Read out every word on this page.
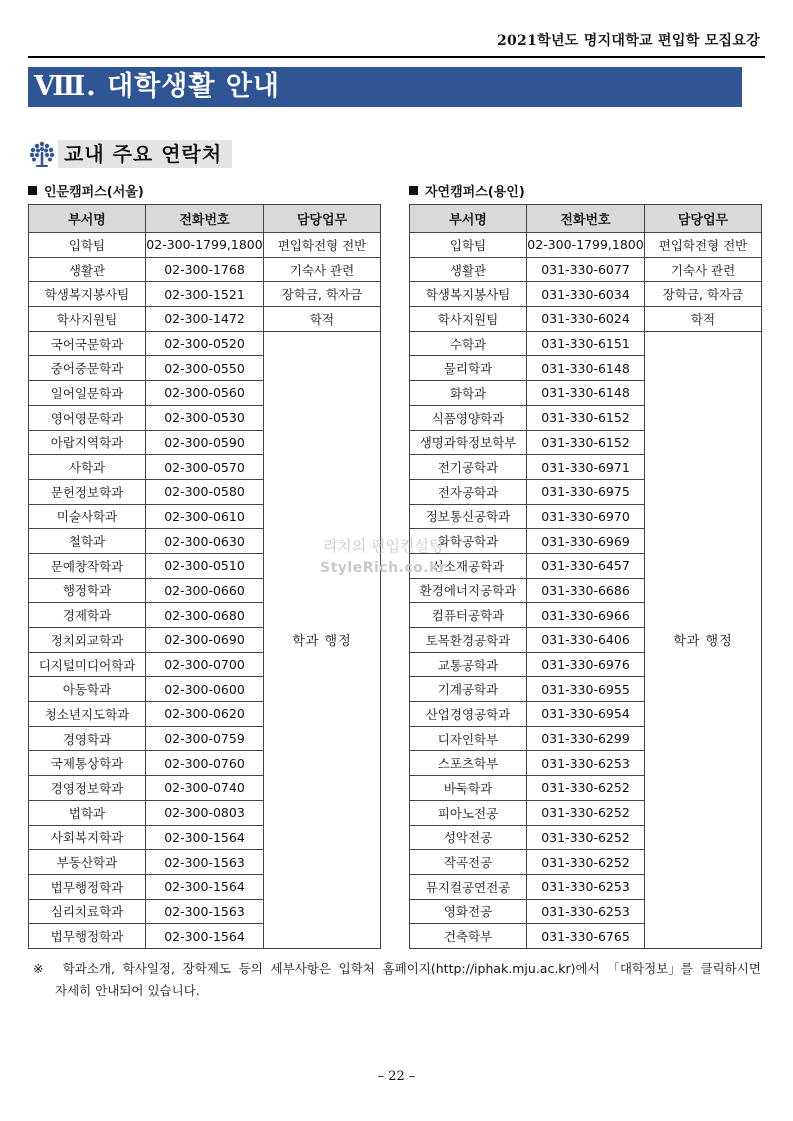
2021학년도 명지대학교 편입학 모집요강
Ⅷ. 대학생활 안내
교내 주요 연락처
인문캠퍼스(서울)	자연캠퍼스(용인)
부서명	전화번호	담당업무
입학팀	02-300-1799,1800	편입학전형 전반
생활관	02-300-1768	기숙사 관련
학생복지봉사팀	02-300-1521	장학금, 학자금
학사지원팀	02-300-1472	학적
국어국문학과	02-300-0520	학과 행정
중어중문학과	02-300-0550	
일어일문학과	02-300-0560	
영어영문학과	02-300-0530	
아랍지역학과	02-300-0590	
사학과	02-300-0570	
문헌정보학과	02-300-0580	
미술사학과	02-300-0610	
철학과	02-300-0630	
문예창작학과	02-300-0510	
행정학과	02-300-0660	
경제학과	02-300-0680	
정치외교학과	02-300-0690	
디지털미디어학과	02-300-0700	
아동학과	02-300-0600	
청소년지도학과	02-300-0620	
경영학과	02-300-0759	
국제통상학과	02-300-0760	
경영정보학과	02-300-0740	
법학과	02-300-0803	
사회복지학과	02-300-1564	
부동산학과	02-300-1563	
법무행정학과	02-300-1564	
심리치료학과	02-300-1563	
법무행정학과	02-300-1564	
부서명	전화번호	담당업무
입학팀	02-300-1799,1800	편입학전형 전반
생활관	031-330-6077	기숙사 관련
학생복지봉사팀	031-330-6034	장학금, 학자금
학사지원팀	031-330-6024	학적
수학과	031-330-6151	학과 행정
물리학과	031-330-6148	
화학과	031-330-6148	
식품영양학과	031-330-6152	
생명과학정보학부	031-330-6152	
전기공학과	031-330-6971	
전자공학과	031-330-6975	
정보통신공학과	031-330-6970	
화학공학과	031-330-6969	
신소재공학과	031-330-6457	
환경에너지공학과	031-330-6686	
컴퓨터공학과	031-330-6966	
토목환경공학과	031-330-6406	
교통공학과	031-330-6976	
기계공학과	031-330-6955	
산업경영공학과	031-330-6954	
디자인학부	031-330-6299	
스포츠학부	031-330-6253	
바둑학과	031-330-6252	
피아노전공	031-330-6252	
성악전공	031-330-6252	
작곡전공	031-330-6252	
뮤지컬공연전공	031-330-6253	
영화전공	031-330-6253	
건축학부	031-330-6765	
리치의 편입컨설팅
StyleRich.co.kr
※	학과소개, 학사일정, 장학제도 등의 세부사항은 입학처 홈페이지(http://iphak.mju.ac.kr)에서 「대학정보」를 클릭하시면
자세히 안내되어 있습니다.
– 22 –
